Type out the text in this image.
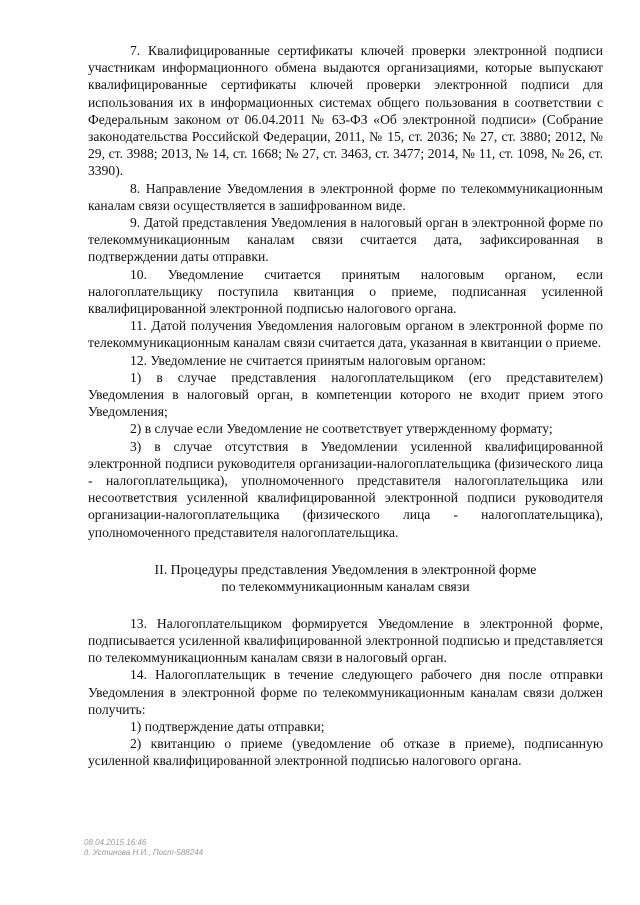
7. Квалифицированные сертификаты ключей проверки электронной подписи участникам информационного обмена выдаются организациями, которые выпускают квалифицированные сертификаты ключей проверки электронной подписи для использования их в информационных системах общего пользования в соответствии с Федеральным законом от 06.04.2011 № 63-ФЗ «Об электронной подписи» (Собрание законодательства Российской Федерации, 2011, № 15, ст. 2036; № 27, ст. 3880; 2012, № 29, ст. 3988; 2013, № 14, ст. 1668; № 27, ст. 3463, ст. 3477; 2014, № 11, ст. 1098, № 26, ст. 3390).

8. Направление Уведомления в электронной форме по телекоммуникационным каналам связи осуществляется в зашифрованном виде.

9. Датой представления Уведомления в налоговый орган в электронной форме по телекоммуникационным каналам связи считается дата, зафиксированная в подтверждении даты отправки.

10. Уведомление считается принятым налоговым органом, если налогоплательщику поступила квитанция о приеме, подписанная усиленной квалифицированной электронной подписью налогового органа.

11. Датой получения Уведомления налоговым органом в электронной форме по телекоммуникационным каналам связи считается дата, указанная в квитанции о приеме.

12. Уведомление не считается принятым налоговым органом:

1) в случае представления налогоплательщиком (его представителем) Уведомления в налоговый орган, в компетенции которого не входит прием этого Уведомления;

2) в случае если Уведомление не соответствует утвержденному формату;

3) в случае отсутствия в Уведомлении усиленной квалифицированной электронной подписи руководителя организации-налогоплательщика (физического лица - налогоплательщика), уполномоченного представителя налогоплательщика или несоответствия усиленной квалифицированной электронной подписи руководителя организации-налогоплательщика (физического лица - налогоплательщика), уполномоченного представителя налогоплательщика.

II. Процедуры представления Уведомления в электронной форме
по телекоммуникационным каналам связи

13. Налогоплательщиком формируется Уведомление в электронной форме, подписывается усиленной квалифицированной электронной подписью и представляется по телекоммуникационным каналам связи в налоговый орган.

14. Налогоплательщик в течение следующего рабочего дня после отправки Уведомления в электронной форме по телекоммуникационным каналам связи должен получить:

1) подтверждение даты отправки;

2) квитанцию о приеме (уведомление об отказе в приеме), подписанную усиленной квалифицированной электронной подписью налогового органа.

08.04.2015 16:46
д. Устинова Н.И., Пост-588244
